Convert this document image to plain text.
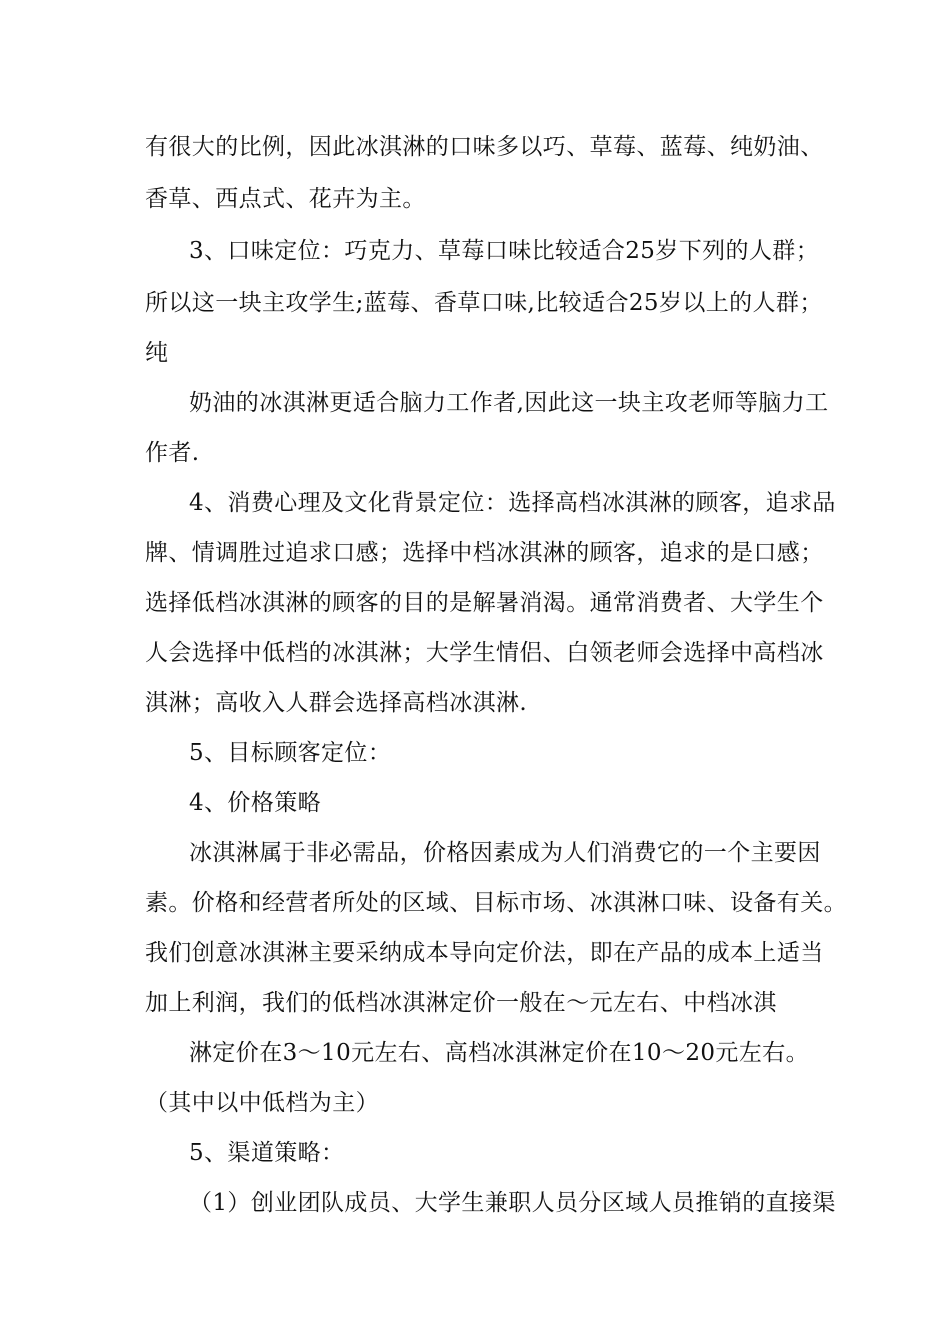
有很大的比例，因此冰淇淋的口味多以巧、草莓、蓝莓、纯奶油、
香草、西点式、花卉为主。
3、口味定位：巧克力、草莓口味比较适合25岁下列的人群；
所以这一块主攻学生;蓝莓、香草口味,比较适合25岁以上的人群；
纯
奶油的冰淇淋更适合脑力工作者,因此这一块主攻老师等脑力工
作者.
4、消费心理及文化背景定位：选择高档冰淇淋的顾客，追求品
牌、情调胜过追求口感；选择中档冰淇淋的顾客，追求的是口感；
选择低档冰淇淋的顾客的目的是解暑消渴。通常消费者、大学生个
人会选择中低档的冰淇淋；大学生情侣、白领老师会选择中高档冰
淇淋；高收入人群会选择高档冰淇淋.
5、目标顾客定位：
4、价格策略
冰淇淋属于非必需品，价格因素成为人们消费它的一个主要因
素。价格和经营者所处的区域、目标市场、冰淇淋口味、设备有关。
我们创意冰淇淋主要采纳成本导向定价法，即在产品的成本上适当
加上利润，我们的低档冰淇淋定价一般在～元左右、中档冰淇
淋定价在3～10元左右、高档冰淇淋定价在10～20元左右。
（其中以中低档为主）
5、渠道策略：
（1）创业团队成员、大学生兼职人员分区域人员推销的直接渠
